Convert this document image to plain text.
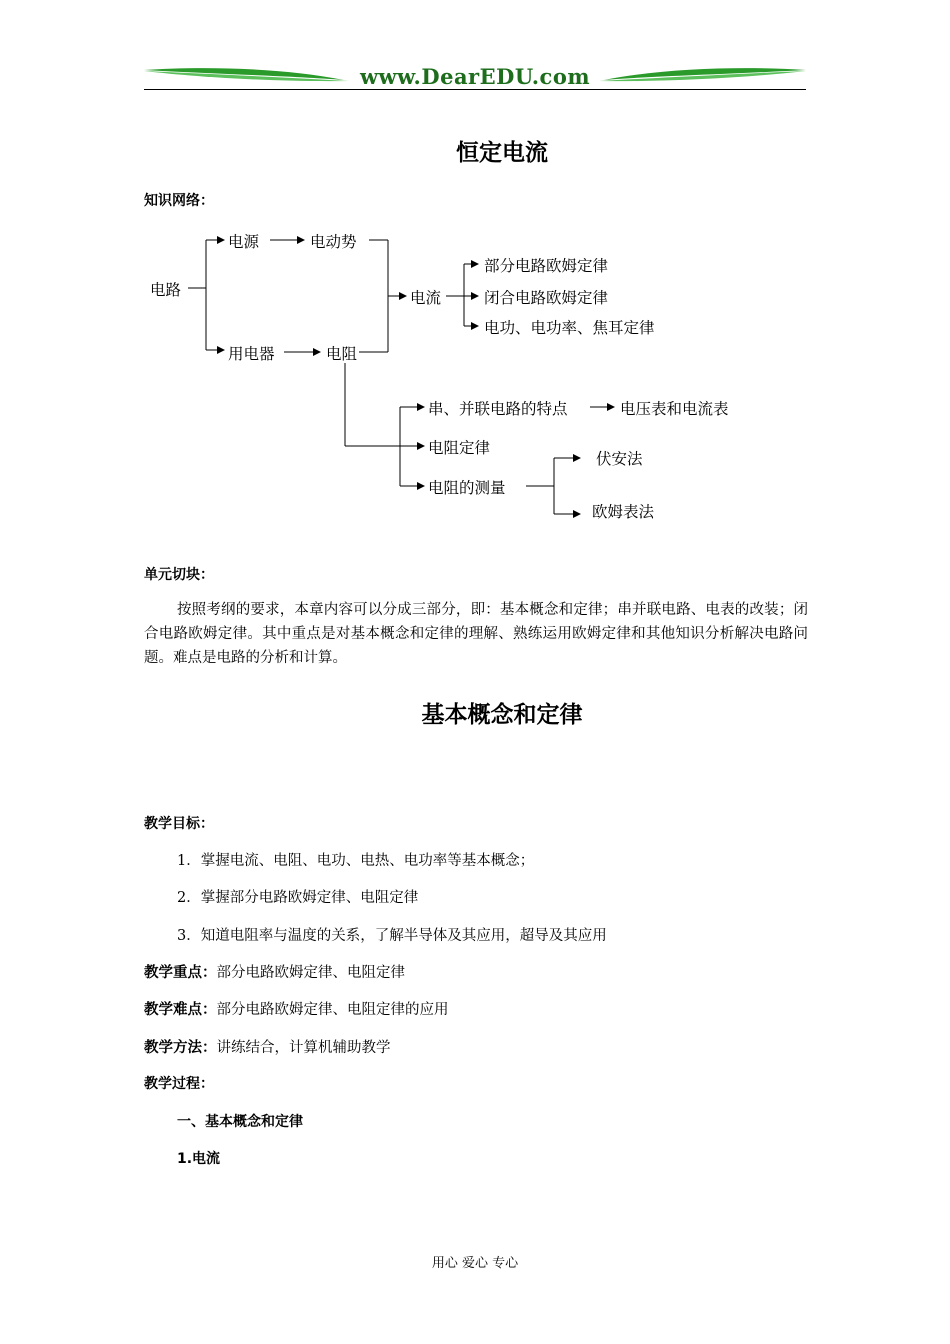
www.DearEDU.com
恒定电流
知识网络：
电路
电源	电动势
用电器	电阻
电流
部分电路欧姆定律
闭合电路欧姆定律
电功、电功率、焦耳定律
串、并联电路的特点	电压表和电流表
电阻定律
电阻的测量
伏安法
欧姆表法
单元切块：
按照考纲的要求，本章内容可以分成三部分，即：基本概念和定律；串并联电路、电表的改装；闭合电路欧姆定律。其中重点是对基本概念和定律的理解、熟练运用欧姆定律和其他知识分析解决电路问题。难点是电路的分析和计算。
基本概念和定律
教学目标：
1．掌握电流、电阻、电功、电热、电功率等基本概念；
2．掌握部分电路欧姆定律、电阻定律
3．知道电阻率与温度的关系，了解半导体及其应用，超导及其应用
教学重点：部分电路欧姆定律、电阻定律
教学难点：部分电路欧姆定律、电阻定律的应用
教学方法：讲练结合，计算机辅助教学
教学过程：
一、基本概念和定律
1.电流
用心 爱心 专心
